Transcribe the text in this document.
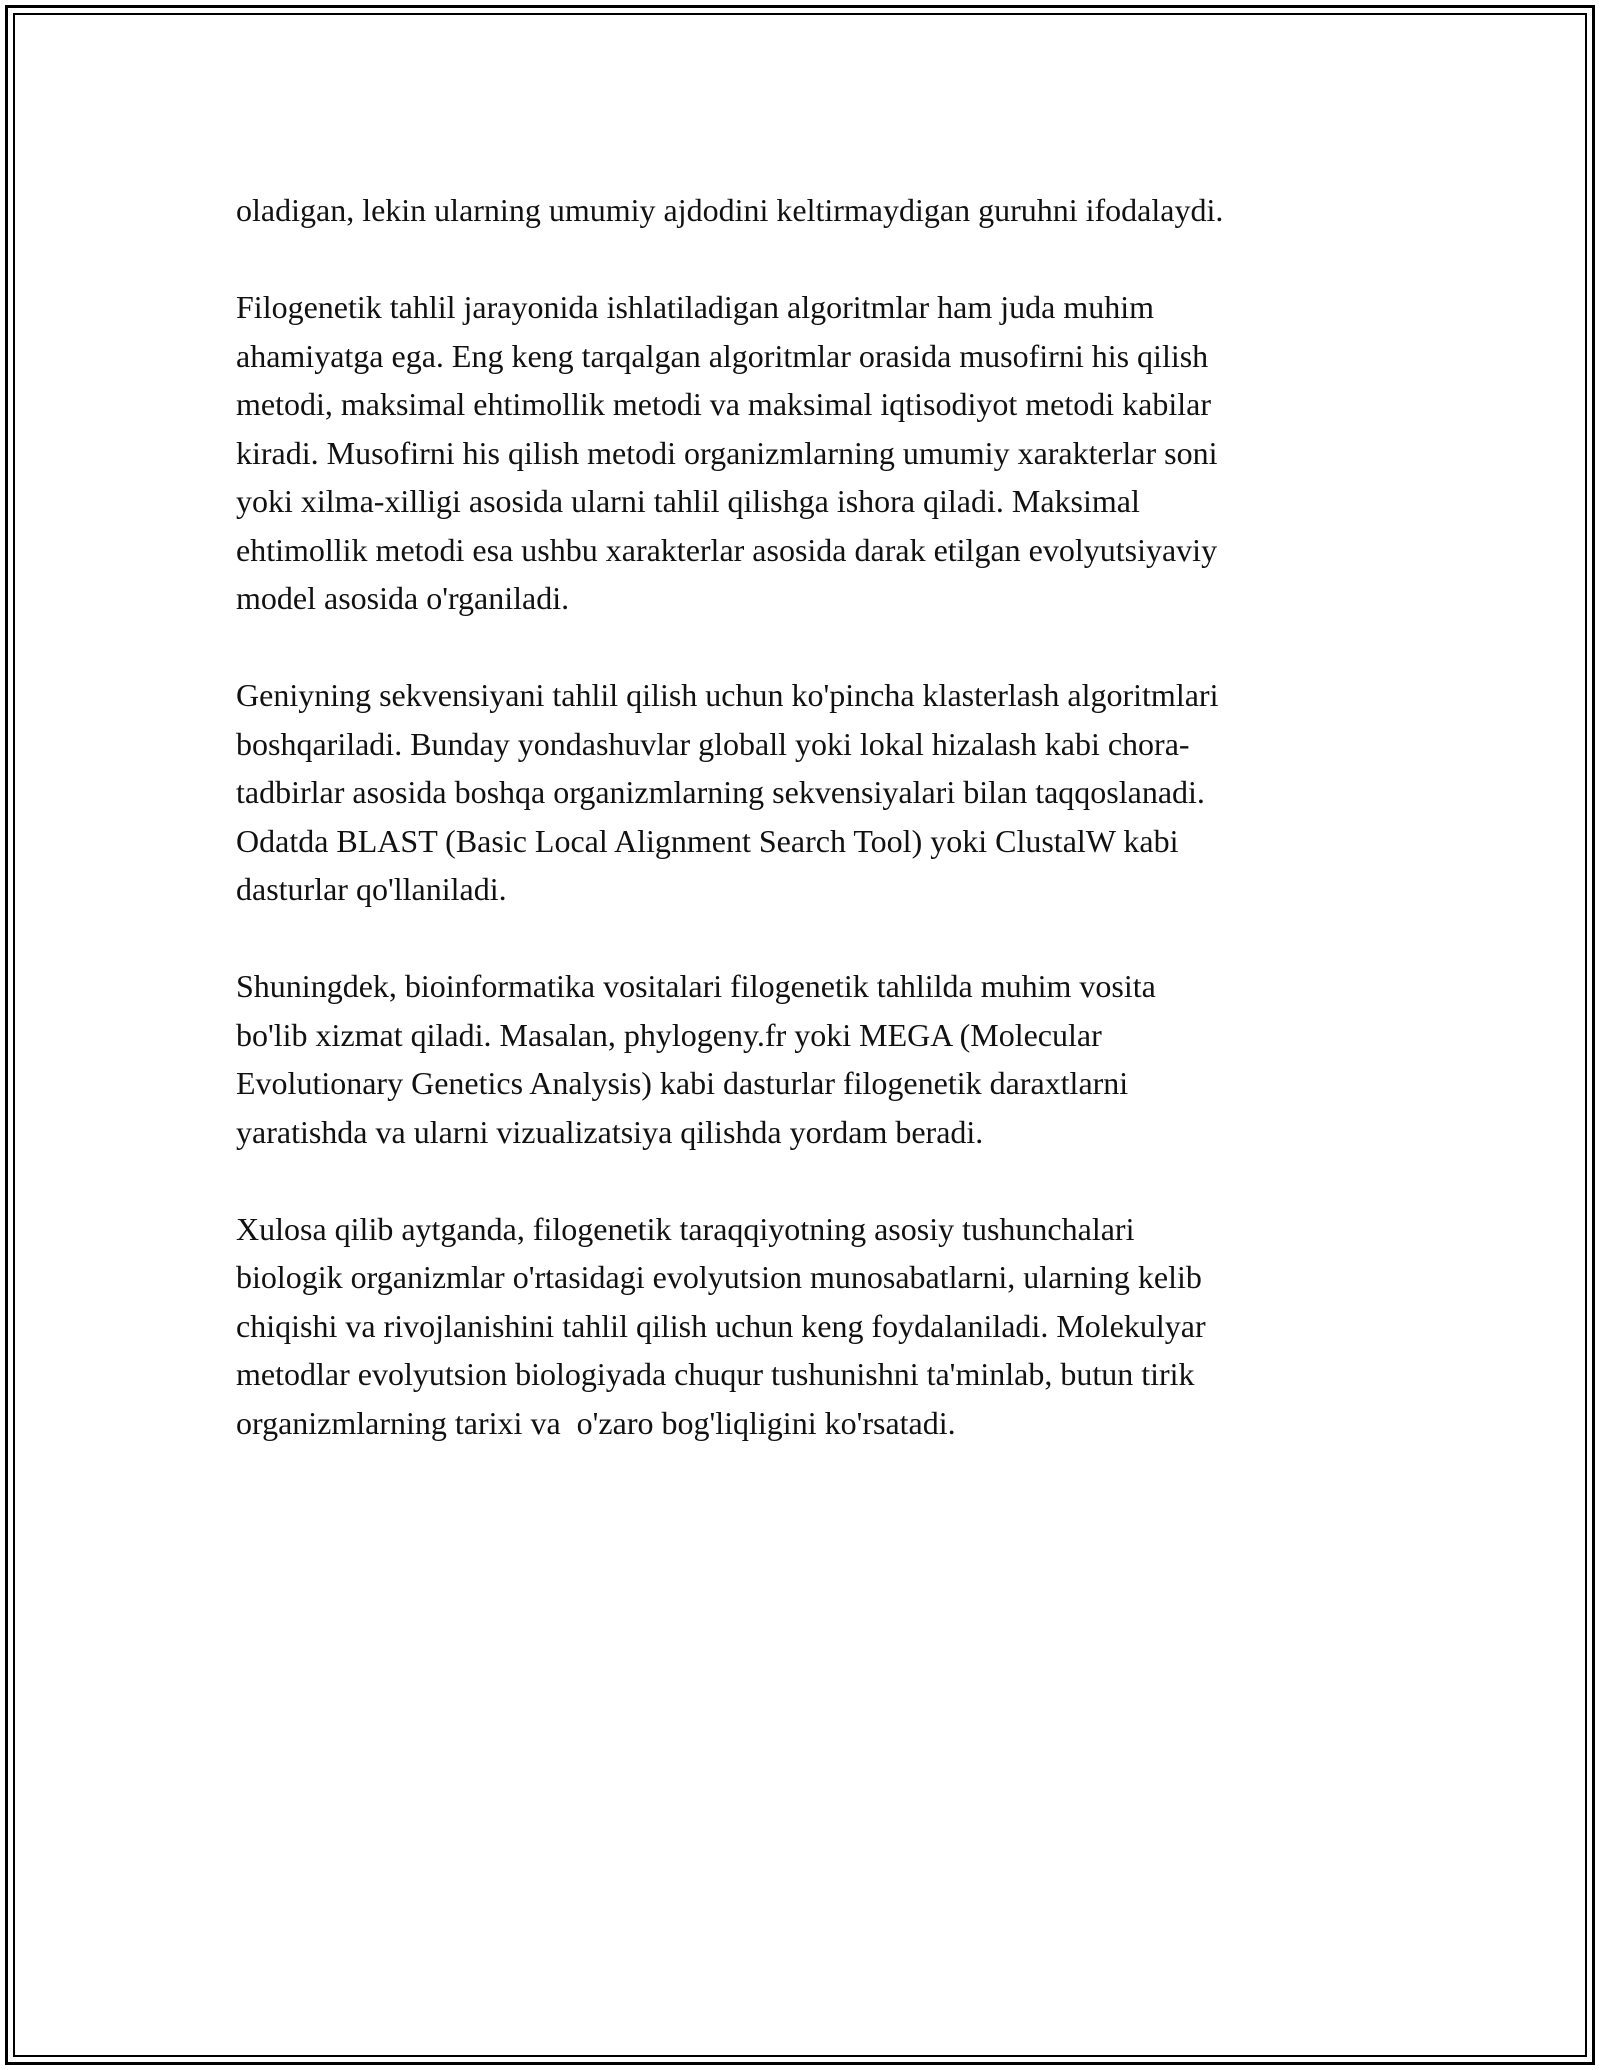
oladigan, lekin ularning umumiy ajdodini keltirmaydigan guruhni ifodalaydi.

Filogenetik tahlil jarayonida ishlatiladigan algoritmlar ham juda muhim
ahamiyatga ega. Eng keng tarqalgan algoritmlar orasida musofirni his qilish
metodi, maksimal ehtimollik metodi va maksimal iqtisodiyot metodi kabilar
kiradi. Musofirni his qilish metodi organizmlarning umumiy xarakterlar soni
yoki xilma-xilligi asosida ularni tahlil qilishga ishora qiladi. Maksimal
ehtimollik metodi esa ushbu xarakterlar asosida darak etilgan evolyutsiyaviy
model asosida o'rganiladi.

Geniyning sekvensiyani tahlil qilish uchun ko'pincha klasterlash algoritmlari
boshqariladi. Bunday yondashuvlar globall yoki lokal hizalash kabi chora-
tadbirlar asosida boshqa organizmlarning sekvensiyalari bilan taqqoslanadi.
Odatda BLAST (Basic Local Alignment Search Tool) yoki ClustalW kabi
dasturlar qo'llaniladi.

Shuningdek, bioinformatika vositalari filogenetik tahlilda muhim vosita
bo'lib xizmat qiladi. Masalan, phylogeny.fr yoki MEGA (Molecular
Evolutionary Genetics Analysis) kabi dasturlar filogenetik daraxtlarni
yaratishda va ularni vizualizatsiya qilishda yordam beradi.

Xulosa qilib aytganda, filogenetik taraqqiyotning asosiy tushunchalari
biologik organizmlar o'rtasidagi evolyutsion munosabatlarni, ularning kelib
chiqishi va rivojlanishini tahlil qilish uchun keng foydalaniladi. Molekulyar
metodlar evolyutsion biologiyada chuqur tushunishni ta'minlab, butun tirik
organizmlarning tarixi va  o'zaro bog'liqligini ko'rsatadi.
